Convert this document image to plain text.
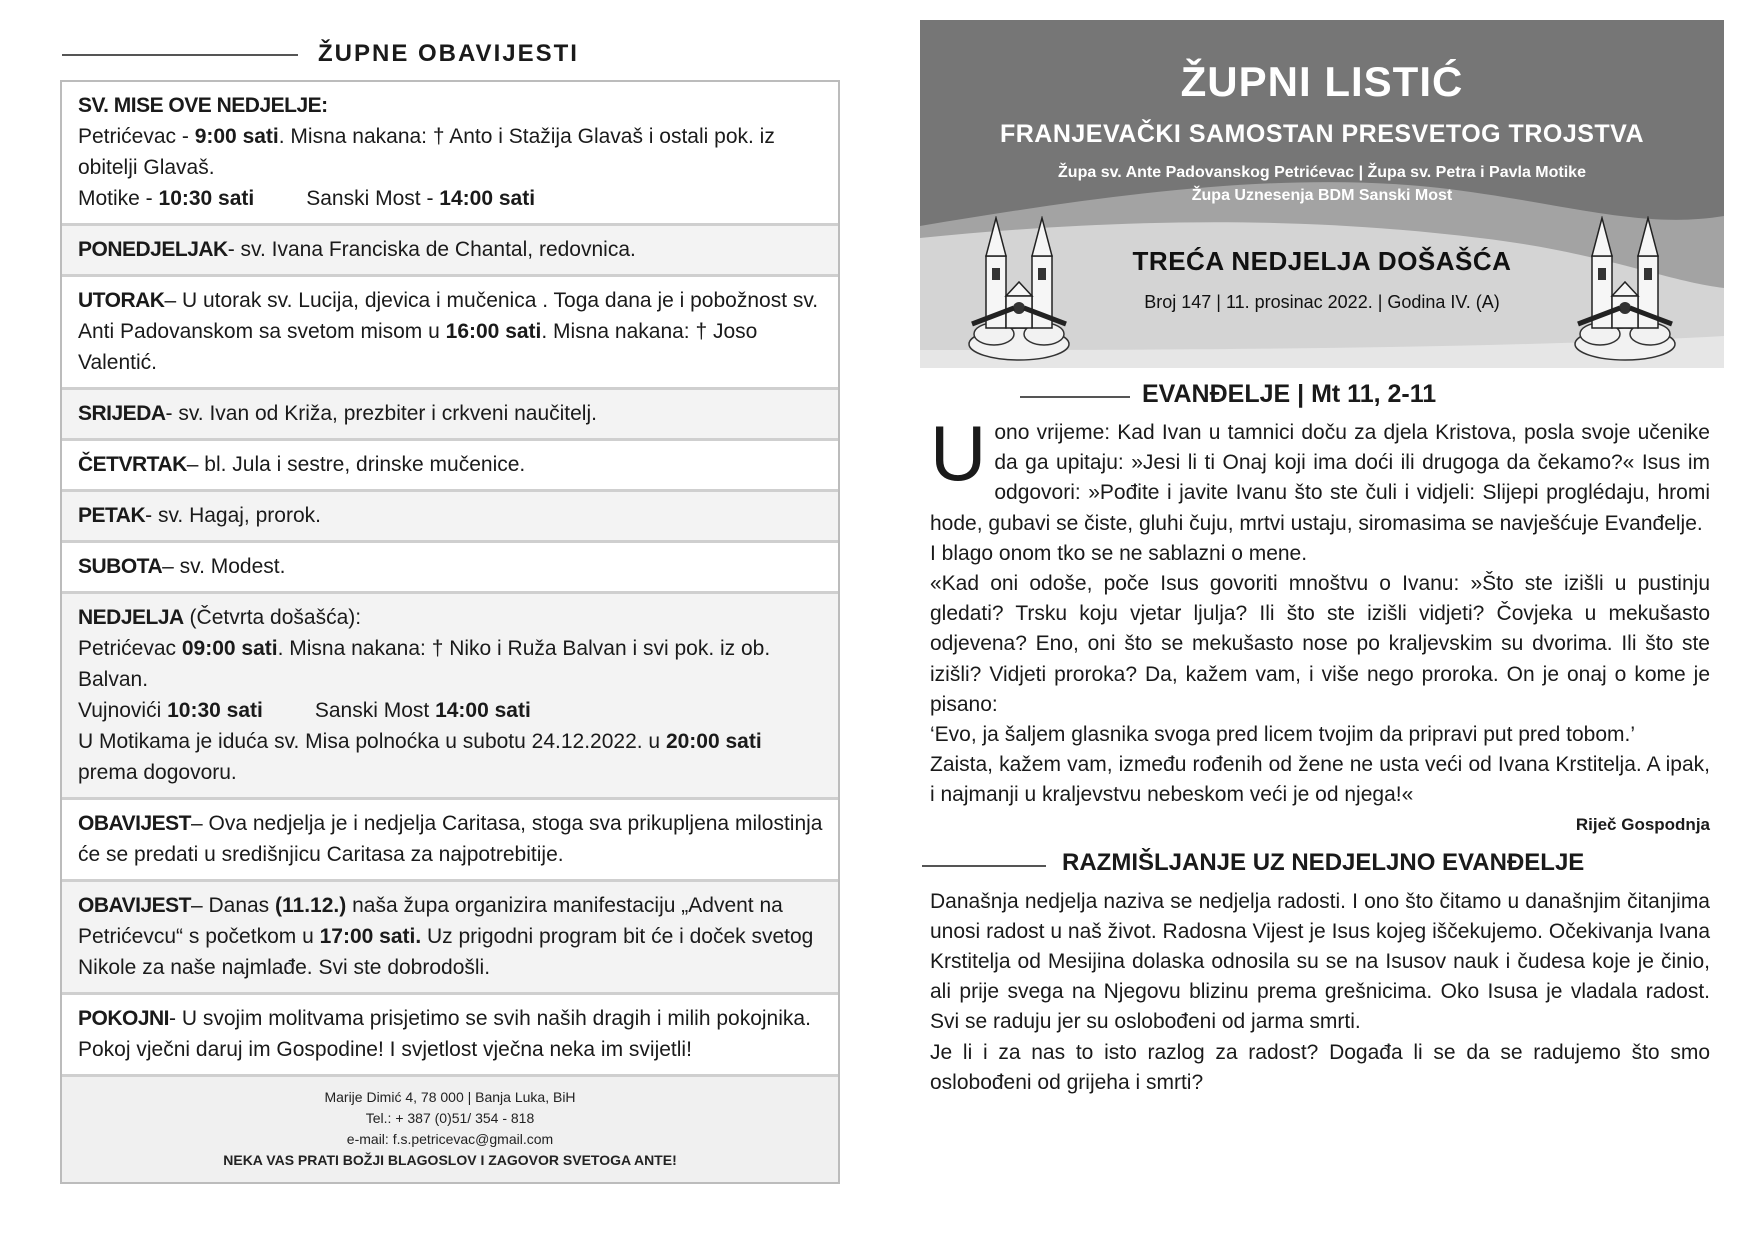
ŽUPNE OBAVIJESTI
SV. MISE OVE NEDJELJE:
Petrićevac - 9:00 sati. Misna nakana: † Anto i Stažija Glavaš i ostali pok. iz obitelji Glavaš.
Motike - 10:30 sati Sanski Most - 14:00 sati
PONEDJELJAK- sv. Ivana Franciska de Chantal, redovnica.
UTORAK– U utorak sv. Lucija, djevica i mučenica . Toga dana je i pobožnost sv. Anti Padovanskom sa svetom misom u 16:00 sati. Misna nakana: † Joso Valentić.
SRIJEDA- sv. Ivan od Križa, prezbiter i crkveni naučitelj.
ČETVRTAK– bl. Jula i sestre, drinske mučenice.
PETAK- sv. Hagaj, prorok.
SUBOTA– sv. Modest.
NEDJELJA (Četvrta došašća):
Petrićevac 09:00 sati. Misna nakana: † Niko i Ruža Balvan i svi pok. iz ob. Balvan.
Vujnovići 10:30 sati Sanski Most 14:00 sati
U Motikama je iduća sv. Misa polnoćka u subotu 24.12.2022. u 20:00 sati prema dogovoru.
OBAVIJEST– Ova nedjelja je i nedjelja Caritasa, stoga sva prikupljena milostinja će se predati u središnjicu Caritasa za najpotrebitije.
OBAVIJEST– Danas (11.12.) naša župa organizira manifestaciju „Advent na Petrićevcu“ s početkom u 17:00 sati. Uz prigodni program bit će i doček svetog Nikole za naše najmlađe. Svi ste dobrodošli.
POKOJNI- U svojim molitvama prisjetimo se svih naših dragih i milih pokojnika. Pokoj vječni daruj im Gospodine! I svjetlost vječna neka im svijetli!
Marije Dimić 4, 78 000 | Banja Luka, BiH
Tel.: + 387 (0)51/ 354 - 818
e-mail: f.s.petricevac@gmail.com
NEKA VAS PRATI BOŽJI BLAGOSLOV I ZAGOVOR SVETOGA ANTE!
ŽUPNI LISTIĆ
FRANJEVAČKI SAMOSTAN PRESVETOG TROJSTVA
Župa sv. Ante Padovanskog Petrićevac | Župa sv. Petra i Pavla Motike
Župa Uznesenja BDM Sanski Most
TREĆA NEDJELJA DOŠAŠĆA
Broj 147 | 11. prosinac 2022. | Godina IV. (A)
EVANĐELJE | Mt 11, 2-11

Uono vrijeme: Kad Ivan u tamnici doču za djela Kristova, posla svoje učenike da ga upitaju: »Jesi li ti Onaj koji ima doći ili drugoga da čekamo?« Isus im odgovori: »Pođite i javite Ivanu što ste čuli i vidjeli: Slijepi proglédaju, hromi hode, gubavi se čiste, gluhi čuju, mrtvi ustaju, siromasima se navješćuje Evanđelje.

I blago onom tko se ne sablazni o mene.

«Kad oni odoše, poče Isus govoriti mnoštvu o Ivanu: »Što ste izišli u pustinju gledati? Trsku koju vjetar ljulja? Ili što ste izišli vidjeti? Čovjeka u mekušasto odjevena? Eno, oni što se mekušasto nose po kraljevskim su dvorima. Ili što ste izišli? Vidjeti proroka? Da, kažem vam, i više nego proroka. On je onaj o kome je pisano:

‘Evo, ja šaljem glasnika svoga pred licem tvojim da pripravi put pred tobom.’

Zaista, kažem vam, između rođenih od žene ne usta veći od Ivana Krstitelja. A ipak, i najmanji u kraljevstvu nebeskom veći je od njega!«

Riječ Gospodnja
RAZMIŠLJANJE UZ NEDJELJNO EVANĐELJE

Današnja nedjelja naziva se nedjelja radosti. I ono što čitamo u današnjim čitanjima unosi radost u naš život. Radosna Vijest je Isus kojeg iščekujemo. Očekivanja Ivana Krstitelja od Mesijina dolaska odnosila su se na Isusov nauk i čudesa koje je činio, ali prije svega na Njegovu blizinu prema grešnicima. Oko Isusa je vladala radost. Svi se raduju jer su oslobođeni od jarma smrti.

Je li i za nas to isto razlog za radost? Događa li se da se radujemo što smo oslobođeni od grijeha i smrti?
